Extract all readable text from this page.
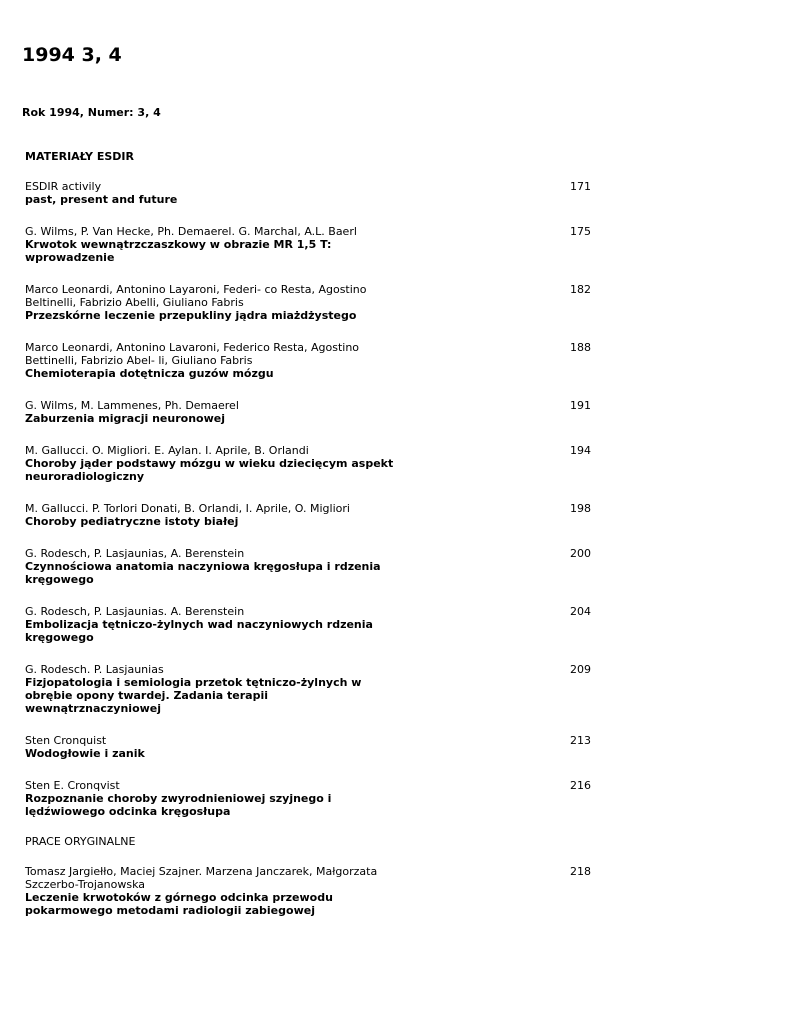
1994 3, 4

Rok 1994, Numer: 3, 4

MATERIAŁY ESDIR

ESDIR activily
past, present and future
171
G. Wilms, P. Van Hecke, Ph. Demaerel. G. Marchal, A.L. Baerl
Krwotok wewnątrzczaszkowy w obrazie MR 1,5 T: wprowadzenie
175
Marco Leonardi, Antonino Layaroni, Federi- co Resta, Agostino Beltinelli, Fabrizio Abelli, Giuliano Fabris
Przezskórne leczenie przepukliny jądra miażdżystego
182
Marco Leonardi, Antonino Lavaroni, Federico Resta, Agostino Bettinelli, Fabrizio Abel- li, Giuliano Fabris
Chemioterapia dotętnicza guzów mózgu
188
G. Wilms, M. Lammenes, Ph. Demaerel
Zaburzenia migracji neuronowej
191
M. Gallucci. O. Migliori. E. Aylan. I. Aprile, B. Orlandi
Choroby jąder podstawy mózgu w wieku dziecięcym aspekt neuroradiologiczny
194
M. Gallucci. P. Torlori Donati, B. Orlandi, I. Aprile, O. Migliori
Choroby pediatryczne istoty białej
198
G. Rodesch, P. Lasjaunias, A. Berenstein
Czynnościowa anatomia naczyniowa kręgosłupa i rdzenia kręgowego
200
G. Rodesch, P. Lasjaunias. A. Berenstein
Embolizacja tętniczo-żylnych wad naczyniowych rdzenia kręgowego
204
G. Rodesch. P. Lasjaunias
Fizjopatologia i semiologia przetok tętniczo-żylnych w obrębie opony twardej. Zadania terapii wewnątrznaczyniowej
209
Sten Cronquist
Wodogłowie i zanik
213
Sten E. Cronqvist
Rozpoznanie choroby zwyrodnieniowej szyjnego i lędźwiowego odcinka kręgosłupa
216

PRACE ORYGINALNE

Tomasz Jargiełło, Maciej Szajner. Marzena Janczarek, Małgorzata Szczerbo-Trojanowska
Leczenie krwotoków z górnego odcinka przewodu pokarmowego metodami radiologii zabiegowej
218
